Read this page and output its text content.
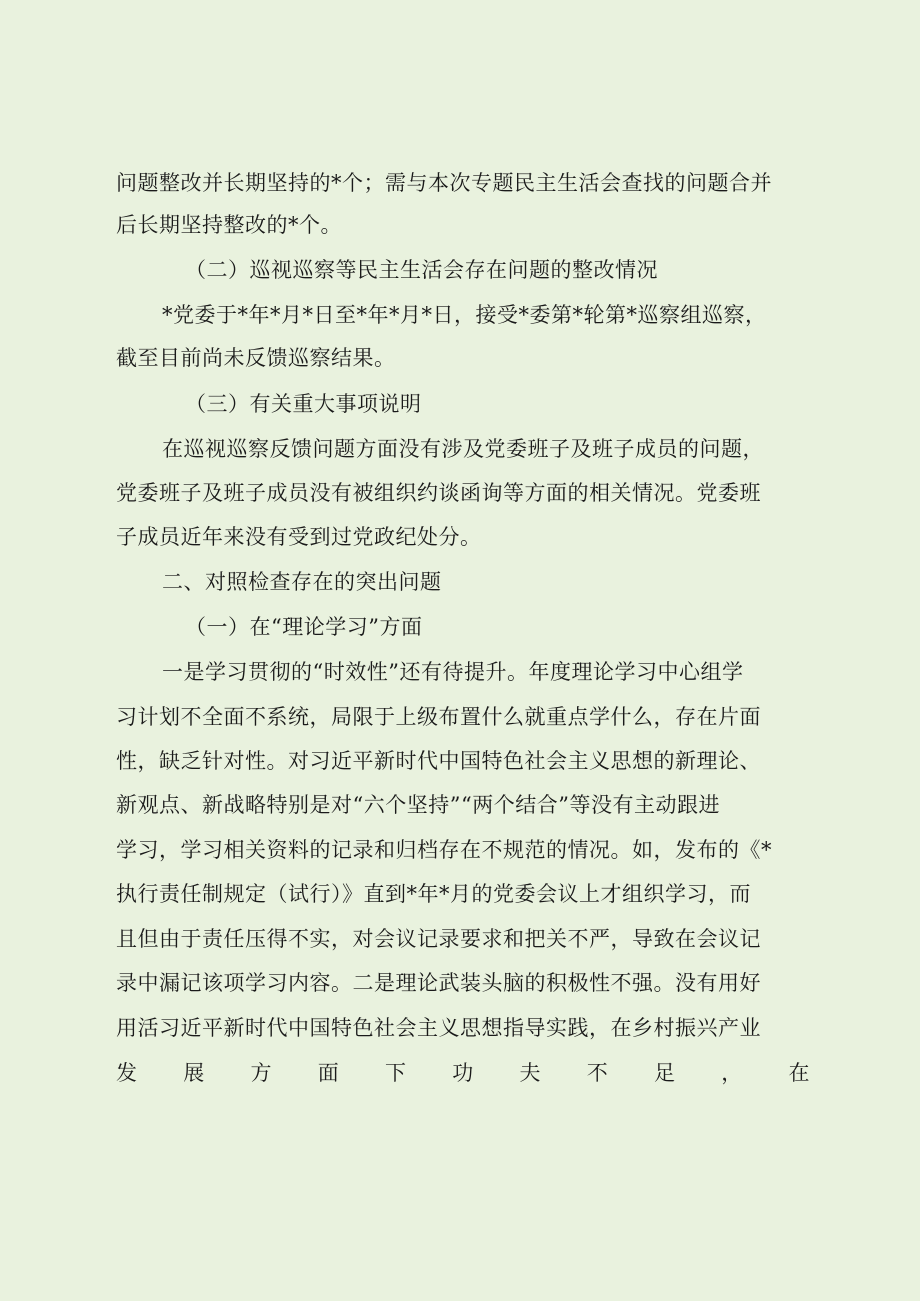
问题整改并长期坚持的*个；需与本次专题民主生活会查找的问题合并
后长期坚持整改的*个。
（二）巡视巡察等民主生活会存在问题的整改情况
*党委于*年*月*日至*年*月*日，接受*委第*轮第*巡察组巡察，
截至目前尚未反馈巡察结果。
（三）有关重大事项说明
在巡视巡察反馈问题方面没有涉及党委班子及班子成员的问题，
党委班子及班子成员没有被组织约谈函询等方面的相关情况。党委班
子成员近年来没有受到过党政纪处分。
二、对照检查存在的突出问题
（一）在“理论学习”方面
一是学习贯彻的“时效性”还有待提升。年度理论学习中心组学
习计划不全面不系统，局限于上级布置什么就重点学什么，存在片面
性，缺乏针对性。对习近平新时代中国特色社会主义思想的新理论、
新观点、新战略特别是对“六个坚持”“两个结合”等没有主动跟进
学习，学习相关资料的记录和归档存在不规范的情况。如，发布的《*
执行责任制规定（试行）》直到*年*月的党委会议上才组织学习，而
且但由于责任压得不实，对会议记录要求和把关不严，导致在会议记
录中漏记该项学习内容。二是理论武装头脑的积极性不强。没有用好
用活习近平新时代中国特色社会主义思想指导实践，在乡村振兴产业
发 展 方 面 下 功 夫 不 足 ， 在
